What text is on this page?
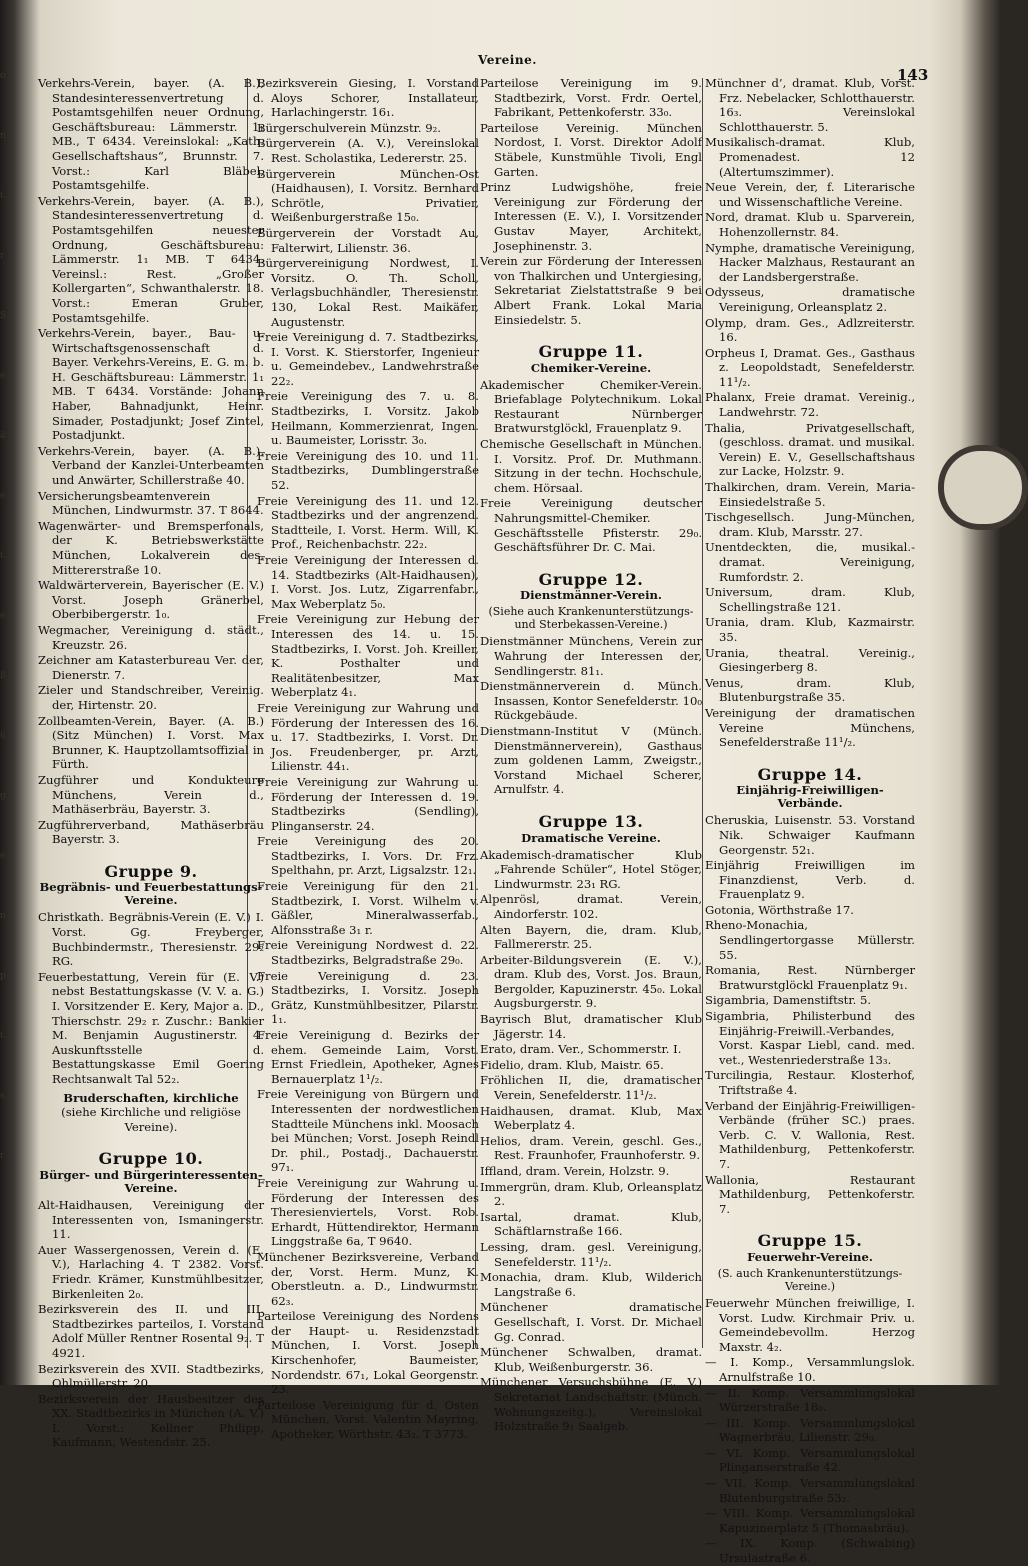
o
n
t
r
S
e
ä
e
t
e
ß
ü
g
e
n
p
t
s
r
Vereine.
143
Verkehrs-Verein, bayer. (A. B.), Standesinteressenvertretung d. Postamtsgehilfen neuer Ordnung, Geschäftsbureau: Lämmerstr. 1₁ MB., T 6434. Vereinslokal: „Kath. Gesellschaftshaus“, Brunnstr. 7. Vorst.: Karl Bläbel, Postamtsgehilfe.
Verkehrs-Verein, bayer. (A. B.), Standesinteressenvertretung d. Postamtsgehilfen neuester Ordnung, Geschäftsbureau: Lämmerstr. 1₁ MB. T 6434. Vereinsl.: Rest. „Großer Kollergarten“, Schwanthalerstr. 18. Vorst.: Emeran Gruber, Postamtsgehilfe.
Verkehrs-Verein, bayer., Bau- u. Wirtschaftsgenossenschaft d. Bayer. Verkehrs-Vereins, E. G. m. b. H. Geschäftsbureau: Lämmerstr. 1₁ MB. T 6434. Vorstände: Johann Haber, Bahnadjunkt, Heinr. Simader, Postadjunkt; Josef Zintel, Postadjunkt.
Verkehrs-Verein, bayer. (A. B.), Verband der Kanzlei-Unterbeamten und Anwärter, Schillerstraße 40.
Versicherungsbeamtenverein München, Lindwurmstr. 37. T 8644.
Wagenwärter- und Bremsperfonals, der K. Betriebswerkstätte München, Lokalverein des, Mittererstraße 10.
Waldwärterverein, Bayerischer (E. V.) Vorst. Joseph Gränerbel, Oberbibergerstr. 1₀.
Wegmacher, Vereinigung d. städt., Kreuzstr. 26.
Zeichner am Katasterbureau Ver. der, Dienerstr. 7.
Zieler und Standschreiber, Vereinig. der, Hirtenstr. 20.
Zollbeamten-Verein, Bayer. (A. B.) (Sitz München) I. Vorst. Max Brunner, K. Hauptzollamtsoffizial in Fürth.
Zugführer und Kondukteure Münchens, Verein d., Mathäserbräu, Bayerstr. 3.
Zugführerverband, Mathäserbräu Bayerstr. 3.
Gruppe 9.
Begräbnis- und Feuerbestattungs-Vereine.
Christkath. Begräbnis-Verein (E. V.) I. Vorst. Gg. Freyberger, Buchbindermstr., Theresienstr. 29₂ RG.
Feuerbestattung, Verein für (E. V.) nebst Bestattungskasse (V. V. a. G.) I. Vorsitzender E. Kery, Major a. D., Thierschstr. 29₂ r. Zuschr.: Bankier M. Benjamin Augustinerstr. 4. Auskunftsstelle d. Bestattungskasse Emil Goering Rechtsanwalt Tal 52₂.
Bruderschaften, kirchliche
(siehe Kirchliche und religiöse Vereine).
Gruppe 10.
Bürger- und Bürgerinteressenten-Vereine.
Alt-Haidhausen, Vereinigung der Interessenten von, Ismaningerstr. 11.
Auer Wassergenossen, Verein d. (E. V.), Harlaching 4. T 2382. Vorst. Friedr. Krämer, Kunstmühlbesitzer, Birkenleiten 2₀.
Bezirksverein des II. und III. Stadtbezirkes parteilos, I. Vorstand Adolf Müller Rentner Rosental 9₂. T 4921.
Bezirksverein des XVII. Stadtbezirks, Ohlmüllerstr. 20.
Bezirksverein der Hausbesitzer des XX. Stadtbezirks in München (A. V.) I. Vorst.: Kellner Philipp, Kaufmann, Westendstr. 25.
Bezirksverein Giesing, I. Vorstand Aloys Schorer, Installateur, Harlachingerstr. 16₁.
Bürgerschulverein Münzstr. 9₂.
Bürgerverein (A. V.), Vereinslokal Rest. Scholastika, Ledererstr. 25.
Bürgerverein München-Ost (Haidhausen), I. Vorsitz. Bernhard Schrötle, Privatier, Weißenburgerstraße 15₀.
Bürgerverein der Vorstadt Au, Falterwirt, Lilienstr. 36.
Bürgervereinigung Nordwest, I. Vorsitz. O. Th. Scholl, Verlagsbuchhändler, Theresienstr. 130, Lokal Rest. Maikäfer, Augustenstr.
Freie Vereinigung d. 7. Stadtbezirks, I. Vorst. K. Stierstorfer, Ingenieur u. Gemeindebev., Landwehrstraße 22₂.
Freie Vereinigung des 7. u. 8. Stadtbezirks, I. Vorsitz. Jakob Heilmann, Kommerzienrat, Ingen. u. Baumeister, Lorisstr. 3₀.
Freie Vereinigung des 10. und 11. Stadtbezirks, Dumblingerstraße 52.
Freie Vereinigung des 11. und 12. Stadtbezirks und der angrenzend. Stadtteile, I. Vorst. Herm. Will, K. Prof., Reichenbachstr. 22₂.
Freie Vereinigung der Interessen d. 14. Stadtbezirks (Alt-Haidhausen), I. Vorst. Jos. Lutz, Zigarrenfabr., Max Weberplatz 5₀.
Freie Vereinigung zur Hebung der Interessen des 14. u. 15. Stadtbezirks, I. Vorst. Joh. Kreiller, K. Posthalter und Realitätenbesitzer, Max Weberplatz 4₁.
Freie Vereinigung zur Wahrung und Förderung der Interessen des 16. u. 17. Stadtbezirks, I. Vorst. Dr. Jos. Freudenberger, pr. Arzt, Lilienstr. 44₁.
Freie Vereinigung zur Wahrung u. Förderung der Interessen d. 19. Stadtbezirks (Sendling), Plinganserstr. 24.
Freie Vereinigung des 20. Stadtbezirks, I. Vors. Dr. Frz. Spelthahn, pr. Arzt, Ligsalzstr. 12₁.
Freie Vereinigung für den 21. Stadtbezirk, I. Vorst. Wilhelm v. Gäßler, Mineralwasserfab., Alfonsstraße 3₁ r.
Freie Vereinigung Nordwest d. 22. Stadtbezirks, Belgradstraße 29₀.
Freie Vereinigung d. 23. Stadtbezirks, I. Vorsitz. Joseph Grätz, Kunstmühlbesitzer, Pilarstr. 1₁.
Freie Vereinigung d. Bezirks der ehem. Gemeinde Laim, Vorst. Ernst Friedlein, Apotheker, Agnes Bernauerplatz 1¹/₂.
Freie Vereinigung von Bürgern und Interessenten der nordwestlichen Stadtteile Münchens inkl. Moosach bei München; Vorst. Joseph Reindl Dr. phil., Postadj., Dachauerstr. 97₁.
Freie Vereinigung zur Wahrung u. Förderung der Interessen des Theresienviertels, Vorst. Rob. Erhardt, Hüttendirektor, Hermann Linggstraße 6a, T 9640.
Münchener Bezirksvereine, Verband der, Vorst. Herm. Munz, K. Oberstleutn. a. D., Lindwurmstr. 62₃.
Parteilose Vereinigung des Nordens der Haupt- u. Residenzstadt München, I. Vorst. Joseph Kirschenhofer, Baumeister, Nordendstr. 67₁, Lokal Georgenstr. 23.
Parteilose Vereinigung für d. Osten München, Vorst. Valentin Mayring, Apotheker, Wörthstr. 43₂. T 3773.
Parteilose Vereinigung im 9. Stadtbezirk, Vorst. Frdr. Oertel, Fabrikant, Pettenkoferstr. 33₀.
Parteilose Vereinig. München Nordost, I. Vorst. Direktor Adolf Stäbele, Kunstmühle Tivoli, Engl Garten.
Prinz Ludwigshöhe, freie Vereinigung zur Förderung der Interessen (E. V.), I. Vorsitzender Gustav Mayer, Architekt, Josephinenstr. 3.
Verein zur Förderung der Interessen von Thalkirchen und Untergiesing, Sekretariat Zielstattstraße 9 bei Albert Frank. Lokal Maria Einsiedelstr. 5.
Gruppe 11.
Chemiker-Vereine.
Akademischer Chemiker-Verein. Briefablage Polytechnikum. Lokal Restaurant Nürnberger Bratwurstglöckl, Frauenplatz 9.
Chemische Gesellschaft in München. I. Vorsitz. Prof. Dr. Muthmann. Sitzung in der techn. Hochschule, chem. Hörsaal.
Freie Vereinigung deutscher Nahrungsmittel-Chemiker. Geschäftsstelle Pfisterstr. 29₀. Geschäftsführer Dr. C. Mai.
Gruppe 12.
Dienstmänner-Verein.
(Siehe auch Krankenunterstützungs- und Sterbekassen-Vereine.)
Dienstmänner Münchens, Verein zur Wahrung der Interessen der, Sendlingerstr. 81₁.
Dienstmännerverein d. Münch. Insassen, Kontor Senefelderstr. 10₀ Rückgebäude.
Dienstmann-Institut V (Münch. Dienstmännerverein), Gasthaus zum goldenen Lamm, Zweigstr., Vorstand Michael Scherer, Arnulfstr. 4.
Gruppe 13.
Dramatische Vereine.
Akademisch-dramatischer Klub „Fahrende Schüler“, Hotel Stöger, Lindwurmstr. 23₁ RG.
Alpenrösl, dramat. Verein, Aindorferstr. 102.
Alten Bayern, die, dram. Klub, Fallmererstr. 25.
Arbeiter-Bildungsverein (E. V.), dram. Klub des, Vorst. Jos. Braun, Bergolder, Kapuzinerstr. 45₀. Lokal Augsburgerstr. 9.
Bayrisch Blut, dramatischer Klub Jägerstr. 14.
Erato, dram. Ver., Schommerstr. I.
Fidelio, dram. Klub, Maistr. 65.
Fröhlichen II, die, dramatischer Verein, Senefelderstr. 11¹/₂.
Haidhausen, dramat. Klub, Max Weberplatz 4.
Helios, dram. Verein, geschl. Ges., Rest. Fraunhofer, Fraunhoferstr. 9.
Iffland, dram. Verein, Holzstr. 9.
Immergrün, dram. Klub, Orleansplatz 2.
Isartal, dramat. Klub, Schäftlarnstraße 166.
Lessing, dram. gesl. Vereinigung, Senefelderstr. 11¹/₂.
Monachia, dram. Klub, Wilderich Langstraße 6.
Münchener dramatische Gesellschaft, I. Vorst. Dr. Michael Gg. Conrad.
Münchener Schwalben, dramat. Klub, Weißenburgerstr. 36.
Münchener Versuchsbühne (E. V.) Sekretariat Landschaftstr. (Münch. Wohnungszeitg.), Vereinslokal Holzstraße 9₁ Saalgeb.
Münchner d’, dramat. Klub, Vorst. Frz. Nebelacker, Schlotthauerstr. 16₃. Vereinslokal Schlotthauerstr. 5.
Musikalisch-dramat. Klub, Promenadest. 12 (Altertumszimmer).
Neue Verein, der, f. Literarische und Wissenschaftliche Vereine.
Nord, dramat. Klub u. Sparverein, Hohenzollernstr. 84.
Nymphe, dramatische Vereinigung, Hacker Malzhaus, Restaurant an der Landsbergerstraße.
Odysseus, dramatische Vereinigung, Orleansplatz 2.
Olymp, dram. Ges., Adlzreiterstr. 16.
Orpheus I, Dramat. Ges., Gasthaus z. Leopoldstadt, Senefelderstr. 11¹/₂.
Phalanx, Freie dramat. Vereinig., Landwehrstr. 72.
Thalia, Privatgesellschaft, (geschloss. dramat. und musikal. Verein) E. V., Gesellschaftshaus zur Lacke, Holzstr. 9.
Thalkirchen, dram. Verein, Maria-Einsiedelstraße 5.
Tischgesellsch. Jung-München, dram. Klub, Marsstr. 27.
Unentdeckten, die, musikal.-dramat. Vereinigung, Rumfordstr. 2.
Universum, dram. Klub, Schellingstraße 121.
Urania, dram. Klub, Kazmairstr. 35.
Urania, theatral. Vereinig., Giesingerberg 8.
Venus, dram. Klub, Blutenburgstraße 35.
Vereinigung der dramatischen Vereine Münchens, Senefelderstraße 11¹/₂.
Gruppe 14.
Einjährig-Freiwilligen-Verbände.
Cheruskia, Luisenstr. 53. Vorstand Nik. Schwaiger Kaufmann Georgenstr. 52₁.
Einjährig Freiwilligen im Finanzdienst, Verb. d. Frauenplatz 9.
Gotonia, Wörthstraße 17.
Rheno-Monachia, Sendlingertorgasse Müllerstr. 55.
Romania, Rest. Nürnberger Bratwurstglöckl Frauenplatz 9₁.
Sigambria, Damenstiftstr. 5.
Sigambria, Philisterbund des Einjährig-Freiwill.-Verbandes, Vorst. Kaspar Liebl, cand. med. vet., Westenriederstraße 13₃.
Turcilingia, Restaur. Klosterhof, Triftstraße 4.
Verband der Einjährig-Freiwilligen-Verbände (früher SC.) praes. Verb. C. V. Wallonia, Rest. Mathildenburg, Pettenkoferstr. 7.
Wallonia, Restaurant Mathildenburg, Pettenkoferstr. 7.
Gruppe 15.
Feuerwehr-Vereine.
(S. auch Krankenunterstützungs-Vereine.)
Feuerwehr München freiwillige, I. Vorst. Ludw. Kirchmair Priv. u. Gemeindebevollm. Herzog Maxstr. 4₂.
— I. Komp., Versammlungslok. Arnulfstraße 10.
— II. Komp. Versammlungslokal Würzerstraße 18₀.
— III. Komp. Versammlungslokal Wagnerbräu, Lilienstr. 29₀.
— VI. Komp. Versammlungslokal Plinganserstraße 42.
— VII. Komp. Versammlungslokal Blutenburgstraße 53₂.
— VIII. Komp. Versammlungslokal Kapuzinerplatz 5 (Thomasbräu).
— IX. Komp. (Schwabing) Ursulastraße 6.
